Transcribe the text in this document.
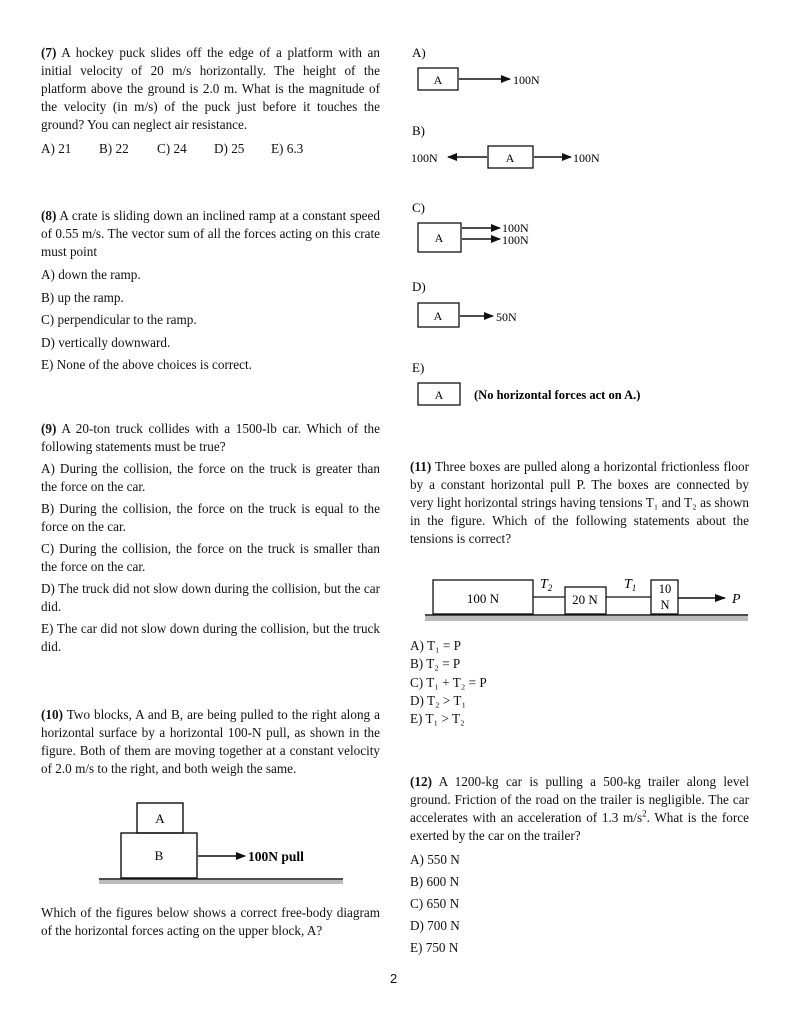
(7) A hockey puck slides off the edge of a platform with an initial velocity of 20 m/s horizontally. The height of the platform above the ground is 2.0 m. What is the magnitude of the velocity (in m/s) of the puck just before it touches the ground? You can neglect air resistance.

A) 21 B) 22 C) 24 D) 25 E) 6.3

(8) A crate is sliding down an inclined ramp at a constant speed of 0.55 m/s. The vector sum of all the forces acting on this crate must point

A) down the ramp.
B) up the ramp.
C) perpendicular to the ramp.
D) vertically downward.
E) None of the above choices is correct.

(9) A 20-ton truck collides with a 1500-lb car. Which of the following statements must be true?

A) During the collision, the force on the truck is greater than the force on the car.

B) During the collision, the force on the truck is equal to the force on the car.

C) During the collision, the force on the truck is smaller than the force on the car.

D) The truck did not slow down during the collision, but the car did.

E) The car did not slow down during the collision, but the truck did.

(10) Two blocks, A and B, are being pulled to the right along a horizontal surface by a horizontal 100-N pull, as shown in the figure. Both of them are moving together at a constant velocity of 2.0 m/s to the right, and both weigh the same.

A
B	100N pull

Which of the figures below shows a correct free-body diagram of the horizontal forces acting on the upper block, A?

A)
A	100N
B)
100N	A	100N
C)
A
100N
100N
D)
A	50N
E)
A (No horizontal forces act on A.)

(11) Three boxes are pulled along a horizontal frictionless floor by a constant horizontal pull P. The boxes are connected by very light horizontal strings having tensions T₁ and T₂ as shown in the figure. Which of the following statements about the tensions is correct?

100 N
$T_2$
20 N
$T_1$ 10
N	P
A) T₁ = P
B) T₂ = P
C) T₁ + T₂ = P
D) T₂ > T₁
E) T₁ > T₂

(12) A 1200-kg car is pulling a 500-kg trailer along level ground. Friction of the road on the trailer is negligible. The car accelerates with an acceleration of 1.3 $m/s^2$. What is the force exerted by the car on the trailer?

A) 550 N
B) 600 N
C) 650 N
D) 700 N
E) 750 N
2
